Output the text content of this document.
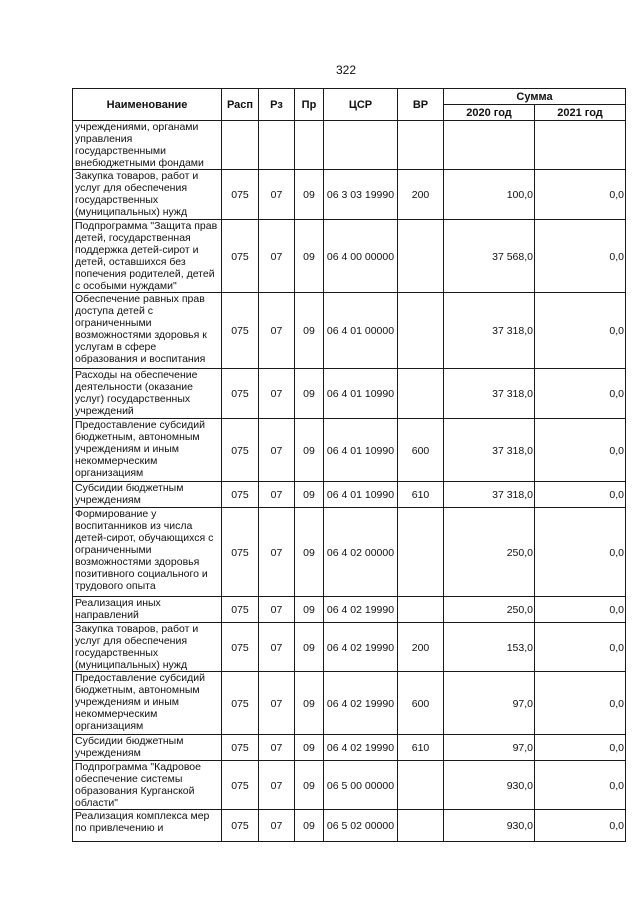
322
Наименование	Расп	Рз	Пр	ЦСР	ВР	Сумма	
						2020 год	2021 год
учреждениями, органами управления государственными внебюджетными фондами							
Закупка товаров, работ и услуг для обеспечения государственных (муниципальных) нужд	075	07	09	06 3 03 19990	200	100,0	0,0
Подпрограмма "Защита прав детей, государственная поддержка детей-сирот и детей, оставшихся без попечения родителей, детей с особыми нуждами"	075	07	09	06 4 00 00000		37 568,0	0,0
Обеспечение равных прав доступа детей с ограниченными возможностями здоровья к услугам в сфере образования и воспитания	075	07	09	06 4 01 00000		37 318,0	0,0
Расходы на обеспечение деятельности (оказание услуг) государственных учреждений	075	07	09	06 4 01 10990		37 318,0	0,0
Предоставление субсидий бюджетным, автономным учреждениям и иным некоммерческим организациям	075	07	09	06 4 01 10990	600	37 318,0	0,0
Субсидии бюджетным учреждениям	075	07	09	06 4 01 10990	610	37 318,0	0,0
Формирование у воспитанников из числа детей-сирот, обучающихся с ограниченными возможностями здоровья позитивного социального и трудового опыта	075	07	09	06 4 02 00000		250,0	0,0
Реализация иных направлений	075	07	09	06 4 02 19990		250,0	0,0
Закупка товаров, работ и услуг для обеспечения государственных (муниципальных) нужд	075	07	09	06 4 02 19990	200	153,0	0,0
Предоставление субсидий бюджетным, автономным учреждениям и иным некоммерческим организациям	075	07	09	06 4 02 19990	600	97,0	0,0
Субсидии бюджетным учреждениям	075	07	09	06 4 02 19990	610	97,0	0,0
Подпрограмма "Кадровое обеспечение системы образования Курганской области"	075	07	09	06 5 00 00000		930,0	0,0
Реализация комплекса мер по привлечению и	075	07	09	06 5 02 00000		930,0	0,0
